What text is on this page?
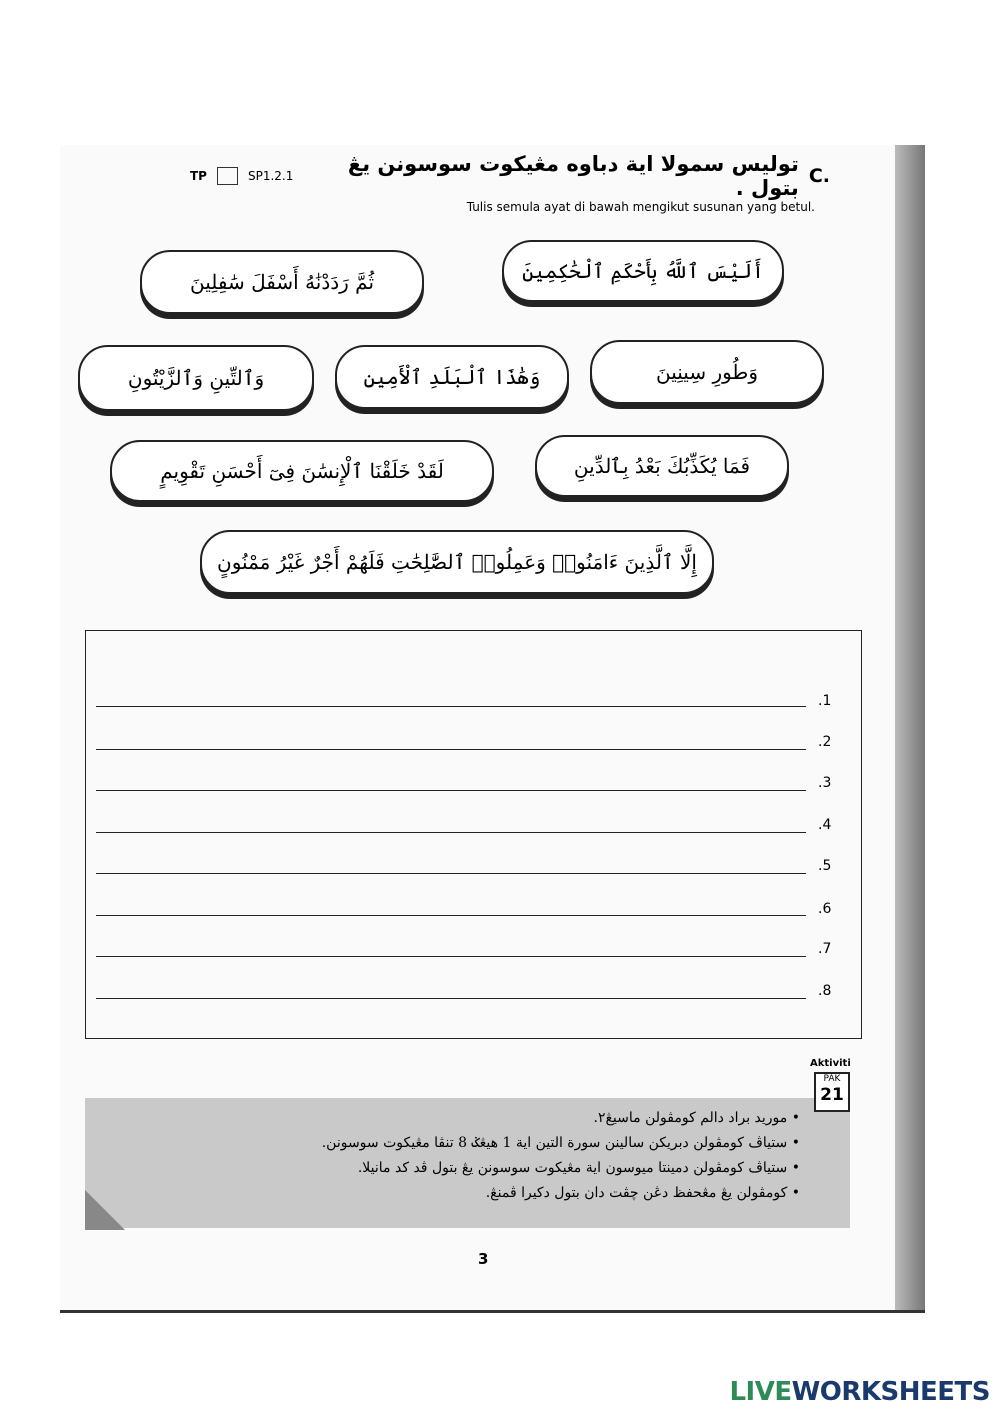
TP	SP1.2.1	توليس سمولا اية دباوه مڠيكوت سوسونن يڠ بتول . C.
Tulis semula ayat di bawah mengikut susunan yang betul.
أَلَيْسَ ٱللَّهُ بِأَحْكَمِ ٱلْحَٰكِمِينَ
ثُمَّ رَدَدْنَٰهُ أَسْفَلَ سَٰفِلِينَ
وَطُورِ سِينِينَ
وَهَٰذَا ٱلْبَلَدِ ٱلْأَمِينِ
وَٱلتِّينِ وَٱلزَّيْتُونِ
فَمَا يُكَذِّبُكَ بَعْدُ بِٱلدِّينِ
لَقَدْ خَلَقْنَا ٱلْإِنسَٰنَ فِىٓ أَحْسَنِ تَقْوِيمٍ
إِلَّا ٱلَّذِينَ ءَامَنُوا۟ وَعَمِلُوا۟ ٱلصَّٰلِحَٰتِ فَلَهُمْ أَجْرٌ غَيْرُ مَمْنُونٍ
.1
.2
.3
.4
.5
.6
.7
.8
• موريد براد دالم كومڤولن ماسيڠ٢.
• ستياڤ كومڤولن دبريكن سالينن سورة التين اية 1 هيڠݢ 8 تنڤا مڠيكوت سوسونن.
• ستياڤ كومڤولن دمينتا ميوسون اية مڠيكوت سوسونن يڠ بتول ڤد كد مانيلا.
• كومڤولن يڠ مڠحفظ دڠن چڤت دان بتول دكيرا ڤمنڠ.
Aktiviti
PAK
21
3
LIVEWORKSHEETS
